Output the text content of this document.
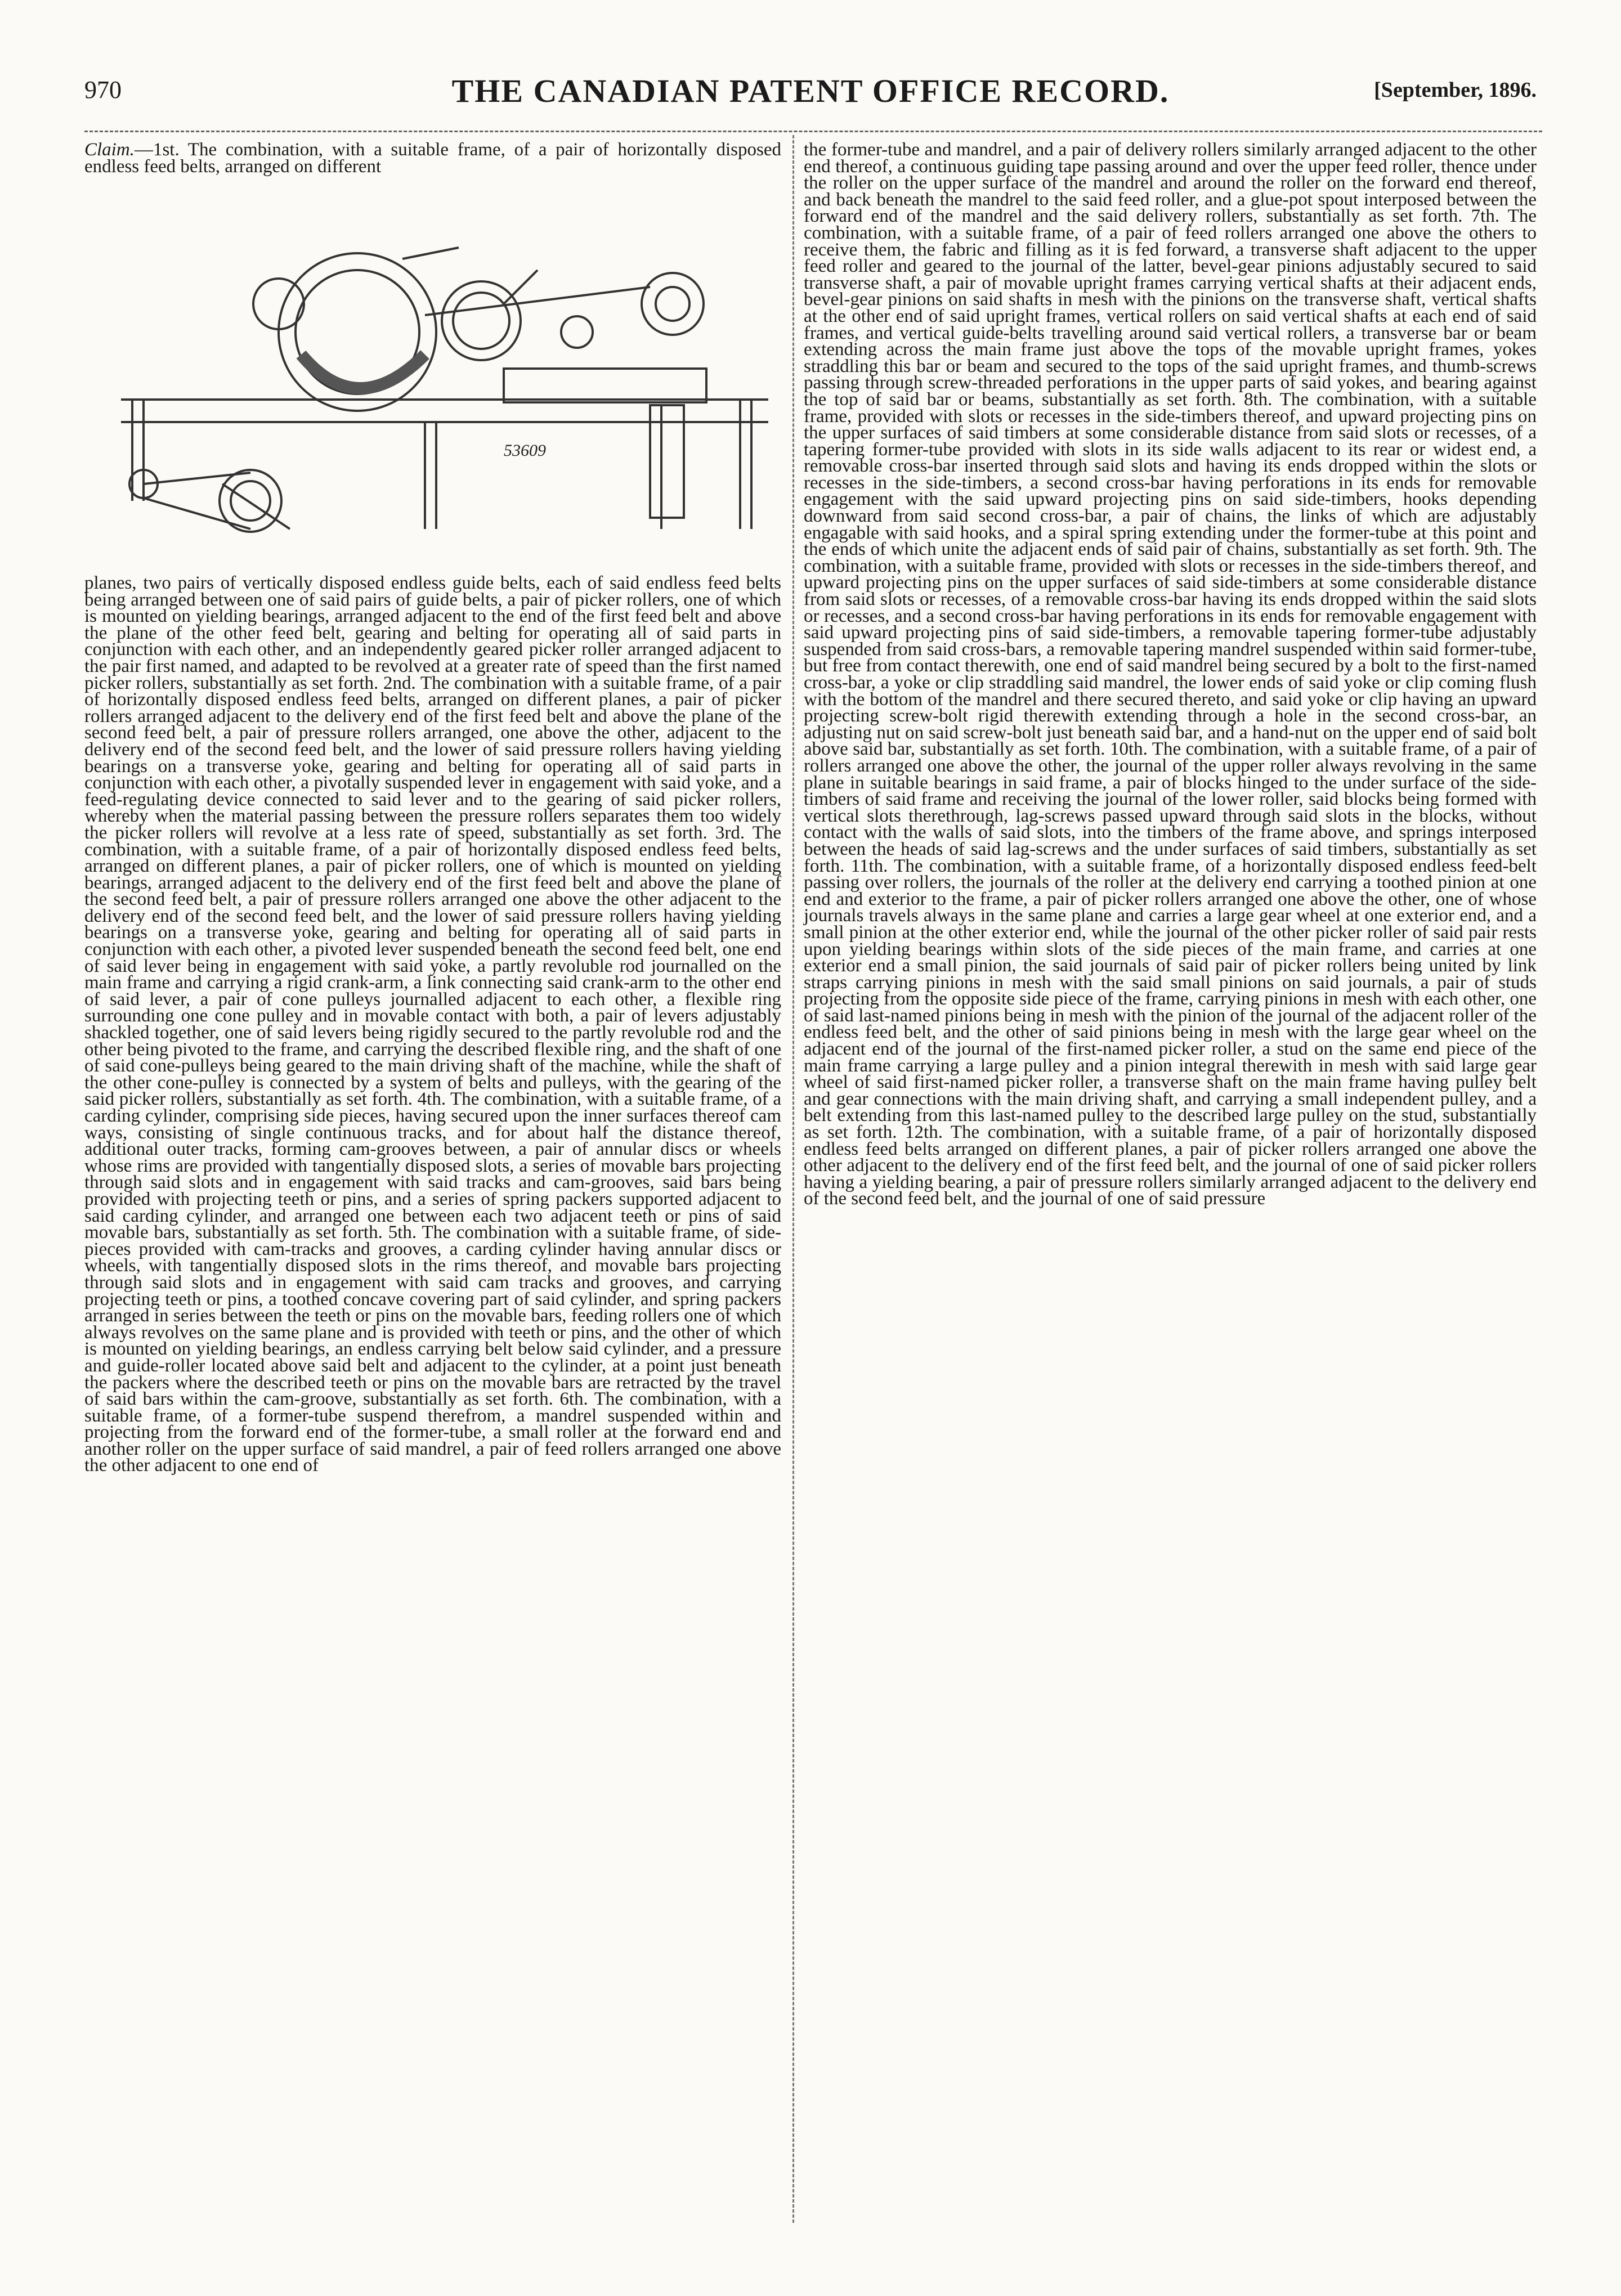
970	THE CANADIAN PATENT OFFICE RECORD.	[September, 1896.

Claim.—1st. The combination, with a suitable frame, of a pair of horizontally disposed endless feed belts, arranged on different

53609

planes, two pairs of vertically disposed endless guide belts, each of said endless feed belts being arranged between one of said pairs of guide belts, a pair of picker rollers, one of which is mounted on yielding bearings, arranged adjacent to the end of the first feed belt and above the plane of the other feed belt, gearing and belting for operating all of said parts in conjunction with each other, and an independently geared picker roller arranged adjacent to the pair first named, and adapted to be revolved at a greater rate of speed than the first named picker rollers, substantially as set forth. 2nd. The combination with a suitable frame, of a pair of horizontally disposed endless feed belts, arranged on different planes, a pair of picker rollers arranged adjacent to the delivery end of the first feed belt and above the plane of the second feed belt, a pair of pressure rollers arranged, one above the other, adjacent to the delivery end of the second feed belt, and the lower of said pressure rollers having yielding bearings on a transverse yoke, gearing and belting for operating all of said parts in conjunction with each other, a pivotally suspended lever in engagement with said yoke, and a feed-regulating device connected to said lever and to the gearing of said picker rollers, whereby when the material passing between the pressure rollers separates them too widely the picker rollers will revolve at a less rate of speed, substantially as set forth. 3rd. The combination, with a suitable frame, of a pair of horizontally disposed endless feed belts, arranged on different planes, a pair of picker rollers, one of which is mounted on yielding bearings, arranged adjacent to the delivery end of the first feed belt and above the plane of the second feed belt, a pair of pressure rollers arranged one above the other adjacent to the delivery end of the second feed belt, and the lower of said pressure rollers having yielding bearings on a transverse yoke, gearing and belting for operating all of said parts in conjunction with each other, a pivoted lever suspended beneath the second feed belt, one end of said lever being in engagement with said yoke, a partly revoluble rod journalled on the main frame and carrying a rigid crank-arm, a link connecting said crank-arm to the other end of said lever, a pair of cone pulleys journalled adjacent to each other, a flexible ring surrounding one cone pulley and in movable contact with both, a pair of levers adjustably shackled together, one of said levers being rigidly secured to the partly revoluble rod and the other being pivoted to the frame, and carrying the described flexible ring, and the shaft of one of said cone-pulleys being geared to the main driving shaft of the machine, while the shaft of the other cone-pulley is connected by a system of belts and pulleys, with the gearing of the said picker rollers, substantially as set forth. 4th. The combination, with a suitable frame, of a carding cylinder, comprising side pieces, having secured upon the inner surfaces thereof cam ways, consisting of single continuous tracks, and for about half the distance thereof, additional outer tracks, forming cam-grooves between, a pair of annular discs or wheels whose rims are provided with tangentially disposed slots, a series of movable bars projecting through said slots and in engagement with said tracks and cam-grooves, said bars being provided with projecting teeth or pins, and a series of spring packers supported adjacent to said carding cylinder, and arranged one between each two adjacent teeth or pins of said movable bars, substantially as set forth. 5th. The combination with a suitable frame, of side-pieces provided with cam-tracks and grooves, a carding cylinder having annular discs or wheels, with tangentially disposed slots in the rims thereof, and movable bars projecting through said slots and in engagement with said cam tracks and grooves, and carrying projecting teeth or pins, a toothed concave covering part of said cylinder, and spring packers arranged in series between the teeth or pins on the movable bars, feeding rollers one of which always revolves on the same plane and is provided with teeth or pins, and the other of which is mounted on yielding bearings, an endless carrying belt below said cylinder, and a pressure and guide-roller located above said belt and adjacent to the cylinder, at a point just beneath the packers where the described teeth or pins on the movable bars are retracted by the travel of said bars within the cam-groove, substantially as set forth. 6th. The combination, with a suitable frame, of a former-tube suspend therefrom, a mandrel suspended within and projecting from the forward end of the former-tube, a small roller at the forward end and another roller on the upper surface of said mandrel, a pair of feed rollers arranged one above the other adjacent to one end of

the former-tube and mandrel, and a pair of delivery rollers similarly arranged adjacent to the other end thereof, a continuous guiding tape passing around and over the upper feed roller, thence under the roller on the upper surface of the mandrel and around the roller on the forward end thereof, and back beneath the mandrel to the said feed roller, and a glue-pot spout interposed between the forward end of the mandrel and the said delivery rollers, substantially as set forth. 7th. The combination, with a suitable frame, of a pair of feed rollers arranged one above the others to receive them, the fabric and filling as it is fed forward, a transverse shaft adjacent to the upper feed roller and geared to the journal of the latter, bevel-gear pinions adjustably secured to said transverse shaft, a pair of movable upright frames carrying vertical shafts at their adjacent ends, bevel-gear pinions on said shafts in mesh with the pinions on the transverse shaft, vertical shafts at the other end of said upright frames, vertical rollers on said vertical shafts at each end of said frames, and vertical guide-belts travelling around said vertical rollers, a transverse bar or beam extending across the main frame just above the tops of the movable upright frames, yokes straddling this bar or beam and secured to the tops of the said upright frames, and thumb-screws passing through screw-threaded perforations in the upper parts of said yokes, and bearing against the top of said bar or beams, substantially as set forth. 8th. The combination, with a suitable frame, provided with slots or recesses in the side-timbers thereof, and upward projecting pins on the upper surfaces of said timbers at some considerable distance from said slots or recesses, of a tapering former-tube provided with slots in its side walls adjacent to its rear or widest end, a removable cross-bar inserted through said slots and having its ends dropped within the slots or recesses in the side-timbers, a second cross-bar having perforations in its ends for removable engagement with the said upward projecting pins on said side-timbers, hooks depending downward from said second cross-bar, a pair of chains, the links of which are adjustably engagable with said hooks, and a spiral spring extending under the former-tube at this point and the ends of which unite the adjacent ends of said pair of chains, substantially as set forth. 9th. The combination, with a suitable frame, provided with slots or recesses in the side-timbers thereof, and upward projecting pins on the upper surfaces of said side-timbers at some considerable distance from said slots or recesses, of a removable cross-bar having its ends dropped within the said slots or recesses, and a second cross-bar having perforations in its ends for removable engagement with said upward projecting pins of said side-timbers, a removable tapering former-tube adjustably suspended from said cross-bars, a removable tapering mandrel suspended within said former-tube, but free from contact therewith, one end of said mandrel being secured by a bolt to the first-named cross-bar, a yoke or clip straddling said mandrel, the lower ends of said yoke or clip coming flush with the bottom of the mandrel and there secured thereto, and said yoke or clip having an upward projecting screw-bolt rigid therewith extending through a hole in the second cross-bar, an adjusting nut on said screw-bolt just beneath said bar, and a hand-nut on the upper end of said bolt above said bar, substantially as set forth. 10th. The combination, with a suitable frame, of a pair of rollers arranged one above the other, the journal of the upper roller always revolving in the same plane in suitable bearings in said frame, a pair of blocks hinged to the under surface of the side-timbers of said frame and receiving the journal of the lower roller, said blocks being formed with vertical slots therethrough, lag-screws passed upward through said slots in the blocks, without contact with the walls of said slots, into the timbers of the frame above, and springs interposed between the heads of said lag-screws and the under surfaces of said timbers, substantially as set forth. 11th. The combination, with a suitable frame, of a horizontally disposed endless feed-belt passing over rollers, the journals of the roller at the delivery end carrying a toothed pinion at one end and exterior to the frame, a pair of picker rollers arranged one above the other, one of whose journals travels always in the same plane and carries a large gear wheel at one exterior end, and a small pinion at the other exterior end, while the journal of the other picker roller of said pair rests upon yielding bearings within slots of the side pieces of the main frame, and carries at one exterior end a small pinion, the said journals of said pair of picker rollers being united by link straps carrying pinions in mesh with the said small pinions on said journals, a pair of studs projecting from the opposite side piece of the frame, carrying pinions in mesh with each other, one of said last-named pinions being in mesh with the pinion of the journal of the adjacent roller of the endless feed belt, and the other of said pinions being in mesh with the large gear wheel on the adjacent end of the journal of the first-named picker roller, a stud on the same end piece of the main frame carrying a large pulley and a pinion integral therewith in mesh with said large gear wheel of said first-named picker roller, a transverse shaft on the main frame having pulley belt and gear connections with the main driving shaft, and carrying a small independent pulley, and a belt extending from this last-named pulley to the described large pulley on the stud, substantially as set forth. 12th. The combination, with a suitable frame, of a pair of horizontally disposed endless feed belts arranged on different planes, a pair of picker rollers arranged one above the other adjacent to the delivery end of the first feed belt, and the journal of one of said picker rollers having a yielding bearing, a pair of pressure rollers similarly arranged adjacent to the delivery end of the second feed belt, and the journal of one of said pressure
